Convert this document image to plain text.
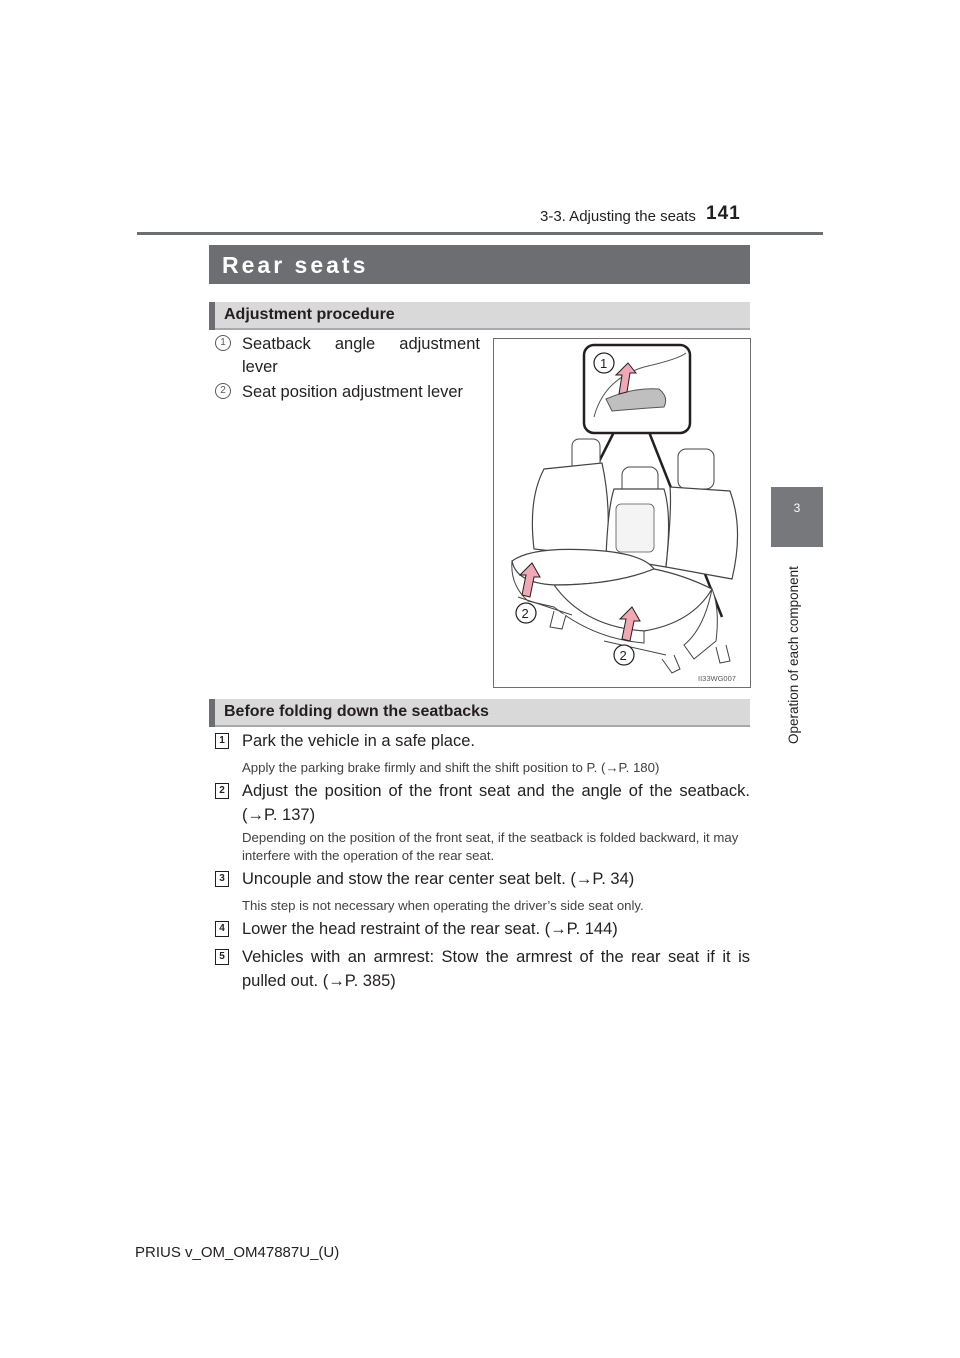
3-3. Adjusting the seats 141
3
Operation of each component
Rear seats
Adjustment procedure
1 Seatback angle adjustment lever
2 Seat position adjustment lever
1
2
2
II33WG007
Before folding down the seatbacks
1 Park the vehicle in a safe place.
Apply the parking brake firmly and shift the shift position to P. (→P. 180)
2 Adjust the position of the front seat and the angle of the seatback. (→P. 137)
Depending on the position of the front seat, if the seatback is folded backward, it may interfere with the operation of the rear seat.
3 Uncouple and stow the rear center seat belt. (→P. 34)
This step is not necessary when operating the driver’s side seat only.
4 Lower the head restraint of the rear seat. (→P. 144)
5 Vehicles with an armrest: Stow the armrest of the rear seat if it is pulled out. (→P. 385)
PRIUS v_OM_OM47887U_(U)
